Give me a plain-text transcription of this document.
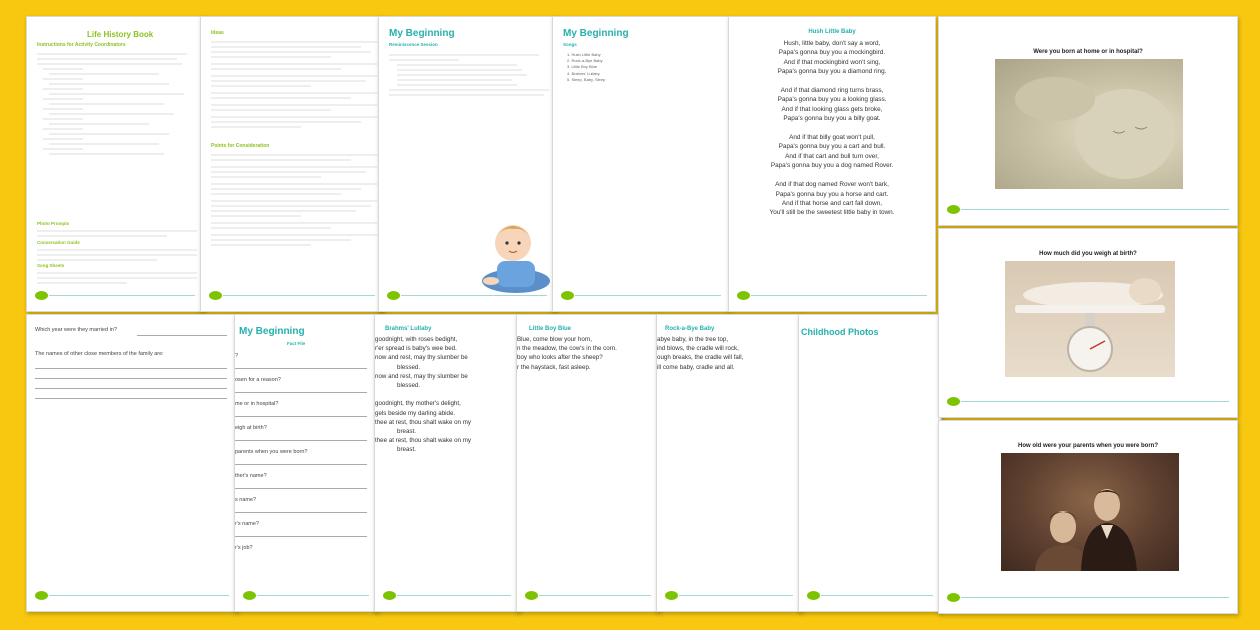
Life History Book
Instructions for Activity Coordinators
Photo Prompts
Conversation Guide
Song Sheets
Ideas
Points for Consideration
My Beginning
Reminiscence Session
My Beginning
Songs
1. Hush Little Baby
2. Rock-a-Bye Baby
3. Little Boy Blue
4. Brahms' Lullaby
5. Sleep, Baby, Sleep
Hush Little Baby

Hush, little baby, don't say a word,

Papa's gonna buy you a mockingbird.

And if that mockingbird won't sing,

Papa's gonna buy you a diamond ring.

And if that diamond ring turns brass,

Papa's gonna buy you a looking glass.

And if that looking glass gets broke,

Papa's gonna buy you a billy goat.

And if that billy goat won't pull,

Papa's gonna buy you a cart and bull.

And if that cart and bull turn over,

Papa's gonna buy you a dog named Rover.

And if that dog named Rover won't bark,

Papa's gonna buy you a horse and cart.

And if that horse and cart fall down,

You'll still be the sweetest little baby in town.

Were you born at home or in hospital?
Which year were they married in?
The names of other close members of the family are:
My Beginning
Fact File
?
osen for a reason?
me or in hospital?
eigh at birth?
parents when you were born?
ther's name?
s name?
r's name?
r's job?
Brahms' Lullaby

goodnight, with roses bedight,

r'er spread is baby's wee bed.

now and rest, may thy slumber be

blessed.

now and rest, may thy slumber be

blessed.

goodnight, thy mother's delight,

gels beside my darling abide.

thee at rest, thou shalt wake on my

breast.

thee at rest, thou shalt wake on my

breast.

Little Boy Blue

Blue, come blow your horn,

n the meadow, the cow's in the corn.

boy who looks after the sheep?

r the haystack, fast asleep.

Rock-a-Bye Baby

abye baby, in the tree top,

ind blows, the cradle will rock,

ough breaks, the cradle will fall,

ill come baby, cradle and all.

Childhood Photos
How much did you weigh at birth?
How old were your parents when you were born?
